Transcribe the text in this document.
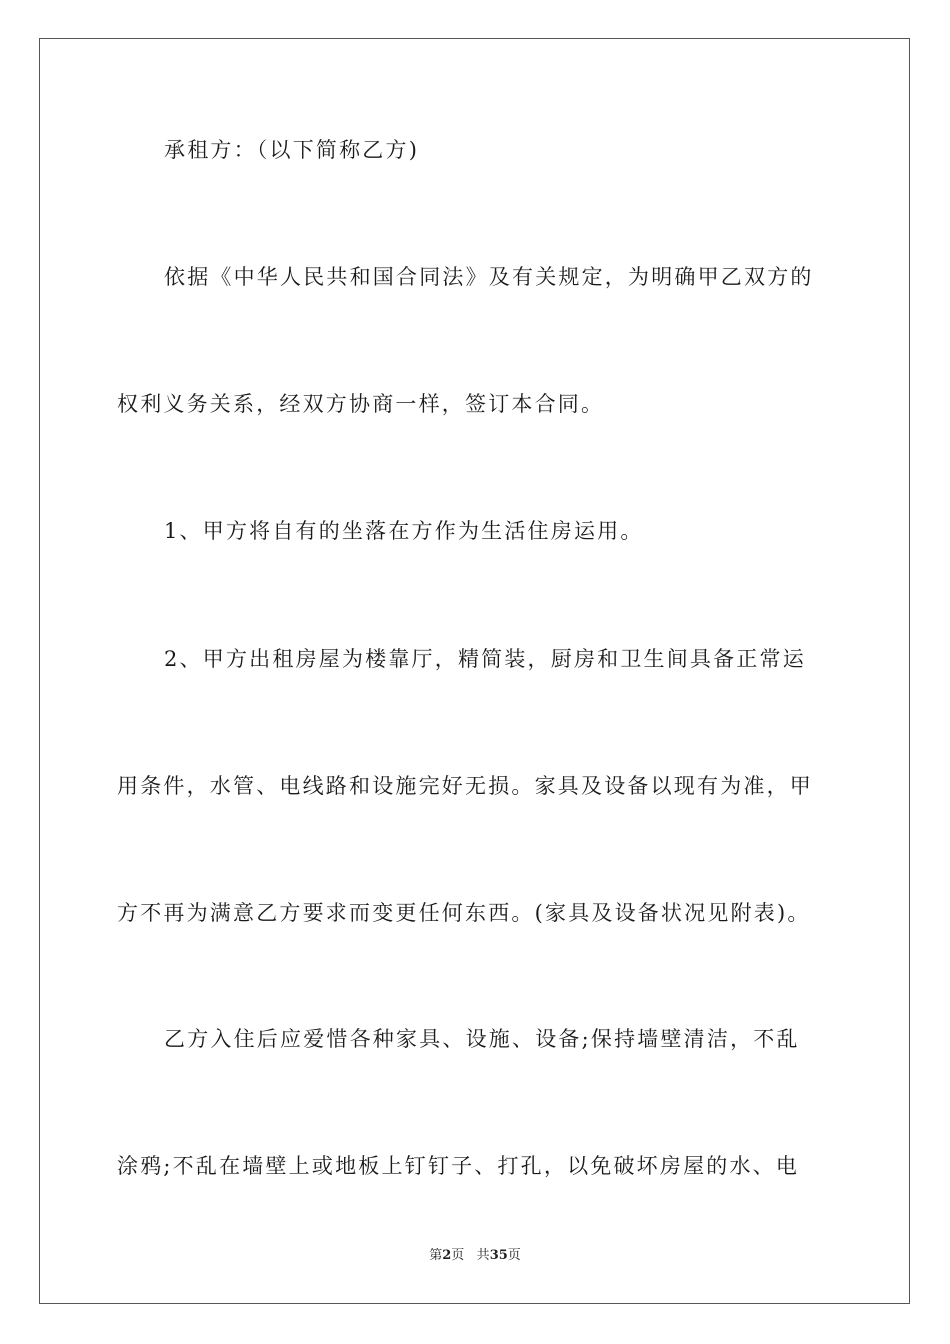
承租方：（以下简称乙方)
依据《中华人民共和国合同法》及有关规定，为明确甲乙双方的
权利义务关系，经双方协商一样，签订本合同。
1、甲方将自有的坐落在方作为生活住房运用。
2、甲方出租房屋为楼靠厅，精简装，厨房和卫生间具备正常运
用条件，水管、电线路和设施完好无损。家具及设备以现有为准，甲
方不再为满意乙方要求而变更任何东西。(家具及设备状况见附表)。
乙方入住后应爱惜各种家具、设施、设备;保持墙壁清洁，不乱
涂鸦;不乱在墙壁上或地板上钉钉子、打孔，以免破坏房屋的水、电
第2页 共35页
